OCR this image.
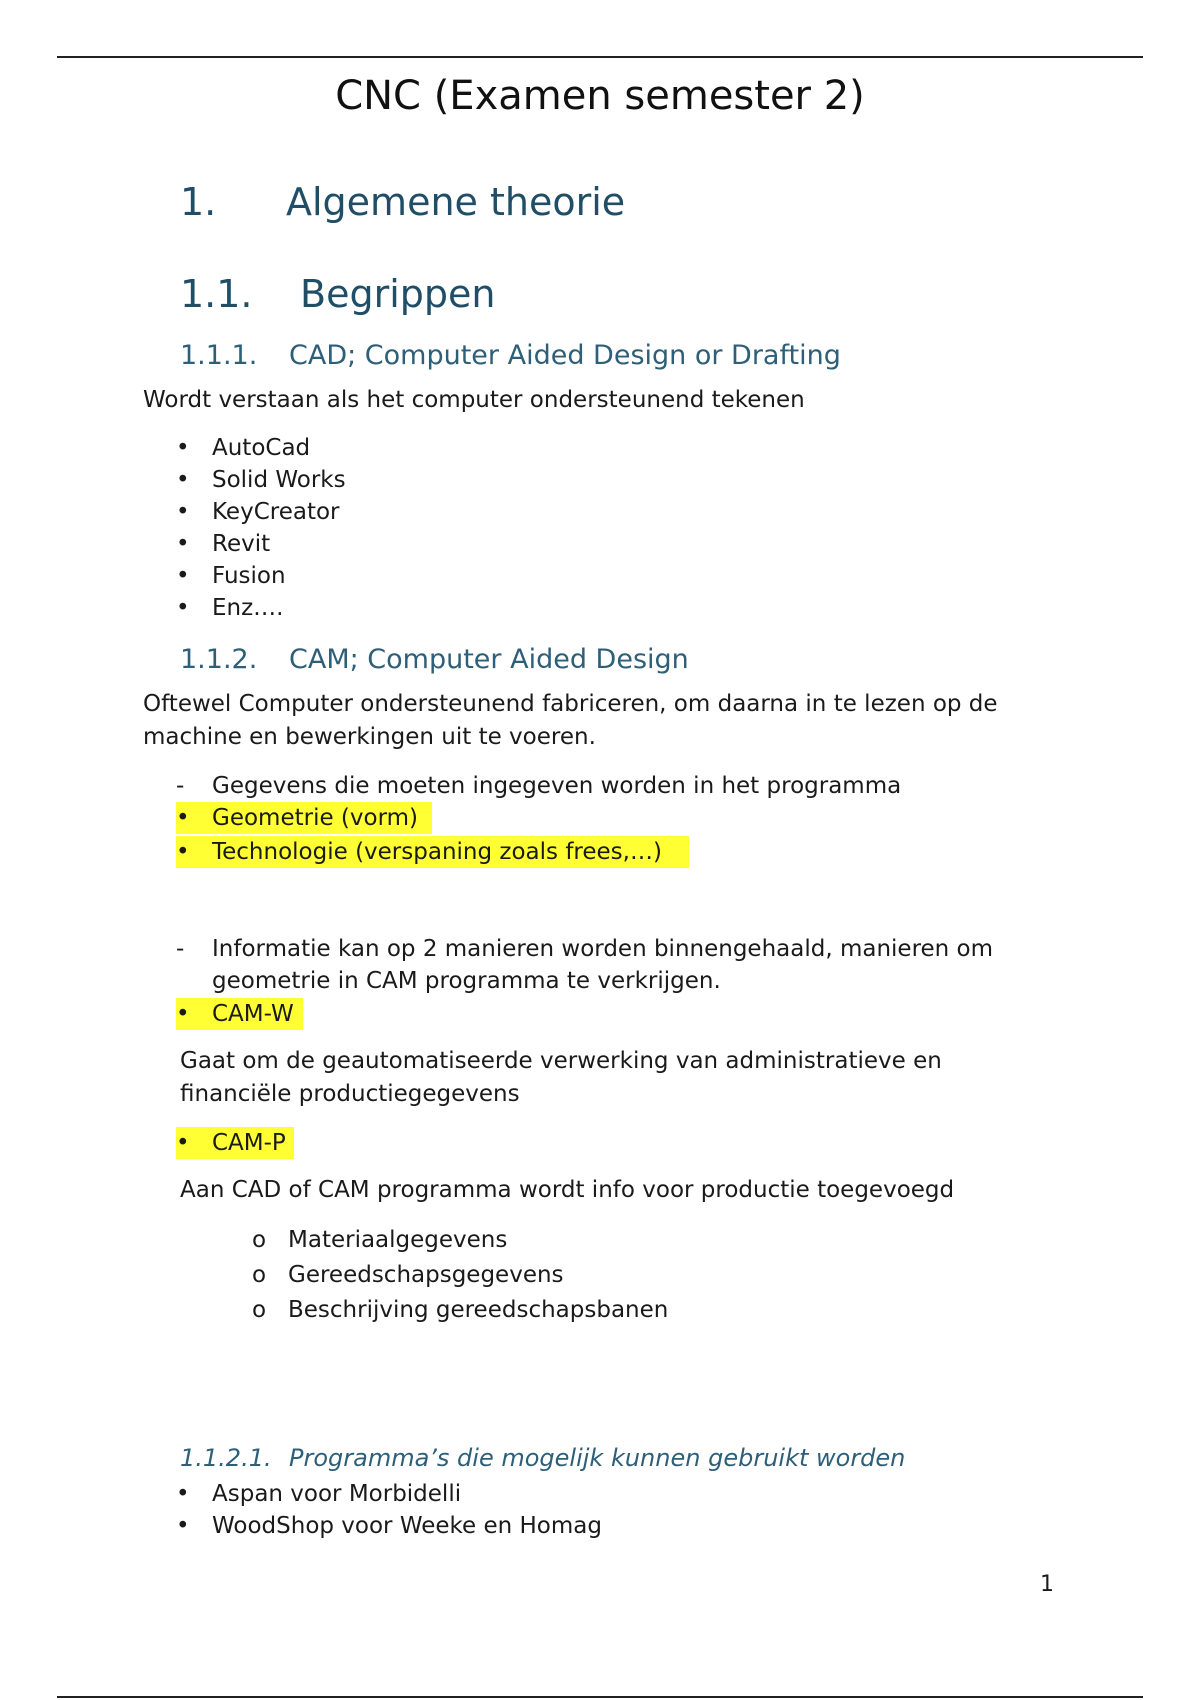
CNC (Examen semester 2)
1. Algemene theorie
1.1. Begrippen
1.1.1. CAD; Computer Aided Design or Drafting
Wordt verstaan als het computer ondersteunend tekenen
• AutoCad
• Solid Works
• KeyCreator
• Revit
• Fusion
• Enz….
1.1.2. CAM; Computer Aided Design
Oftewel Computer ondersteunend fabriceren, om daarna in te lezen op de
machine en bewerkingen uit te voeren.
-	Gegevens die moeten ingegeven worden in het programma
• Geometrie (vorm)
• Technologie (verspaning zoals frees,…)
-	Informatie kan op 2 manieren worden binnengehaald, manieren om
geometrie in CAM programma te verkrijgen.
• CAM-W
Gaat om de geautomatiseerde verwerking van administratieve en
financiële productiegegevens
• CAM-P
Aan CAD of CAM programma wordt info voor productie toegevoegd
o Materiaalgegevens
o Gereedschapsgegevens
o Beschrijving gereedschapsbanen
1.1.2.1. Programma’s die mogelijk kunnen gebruikt worden
• Aspan voor Morbidelli
• WoodShop voor Weeke en Homag
1
